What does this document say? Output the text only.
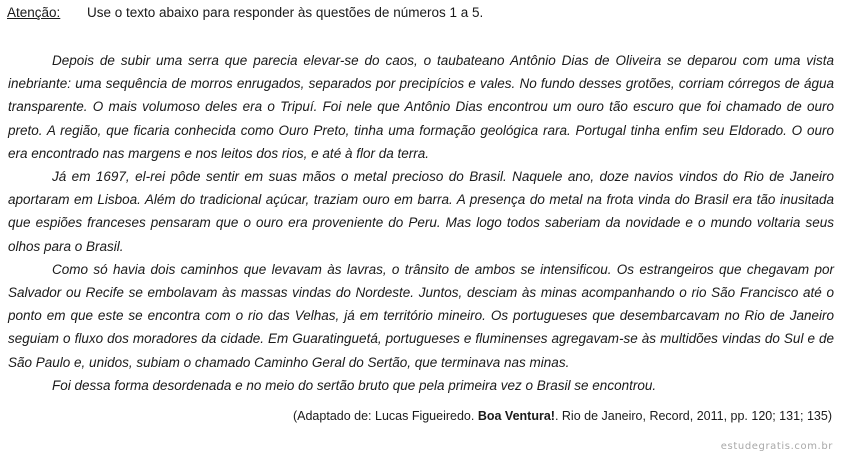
Atenção: Use o texto abaixo para responder às questões de números 1 a 5.

Depois de subir uma serra que parecia elevar-se do caos, o taubateano Antônio Dias de Oliveira se deparou com uma vista inebriante: uma sequência de morros enrugados, separados por precipícios e vales. No fundo desses grotões, corriam córregos de água transparente. O mais volumoso deles era o Tripuí. Foi nele que Antônio Dias encontrou um ouro tão escuro que foi chamado de ouro preto. A região, que ficaria conhecida como Ouro Preto, tinha uma formação geológica rara. Portugal tinha enfim seu Eldorado. O ouro era encontrado nas margens e nos leitos dos rios, e até à flor da terra.

Já em 1697, el-rei pôde sentir em suas mãos o metal precioso do Brasil. Naquele ano, doze navios vindos do Rio de Janeiro aportaram em Lisboa. Além do tradicional açúcar, traziam ouro em barra. A presença do metal na frota vinda do Brasil era tão inusitada que espiões franceses pensaram que o ouro era proveniente do Peru. Mas logo todos saberiam da novidade e o mundo voltaria seus olhos para o Brasil.

Como só havia dois caminhos que levavam às lavras, o trânsito de ambos se intensificou. Os estrangeiros que chegavam por Salvador ou Recife se embolavam às massas vindas do Nordeste. Juntos, desciam às minas acompanhando o rio São Francisco até o ponto em que este se encontra com o rio das Velhas, já em território mineiro. Os portugueses que desembarcavam no Rio de Janeiro seguiam o fluxo dos moradores da cidade. Em Guaratinguetá, portugueses e fluminenses agregavam-se às multidões vindas do Sul e de São Paulo e, unidos, subiam o chamado Caminho Geral do Sertão, que terminava nas minas.

Foi dessa forma desordenada e no meio do sertão bruto que pela primeira vez o Brasil se encontrou.

(Adaptado de: Lucas Figueiredo. Boa Ventura!. Rio de Janeiro, Record, 2011, pp. 120; 131; 135)
estudegratis.com.br
